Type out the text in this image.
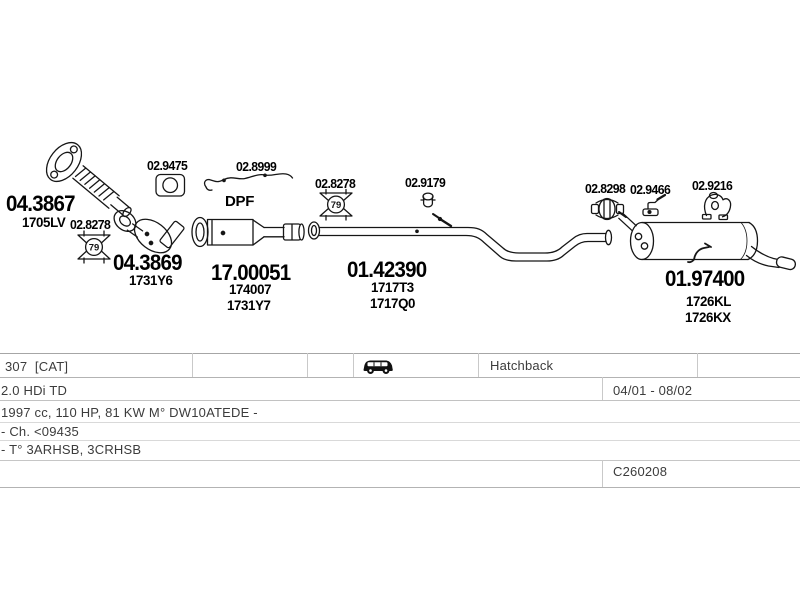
79
79
04.3867
1705LV 02.8278
02.9475
04.3869
1731Y6
02.8999
DPF
17.00051
174007
1731Y7
02.8278	02.9179
01.42390
1717T3
1717Q0
02.8298 02.9466 02.9216
01.97400
1726KL
1726KX
307  [CAT]	Hatchback
2.0 HDi TD	04/01 - 08/02
1997 cc, 110 HP, 81 KW M° DW10ATEDE -
- Ch. <09435
- T° 3ARHSB, 3CRHSB
C260208
